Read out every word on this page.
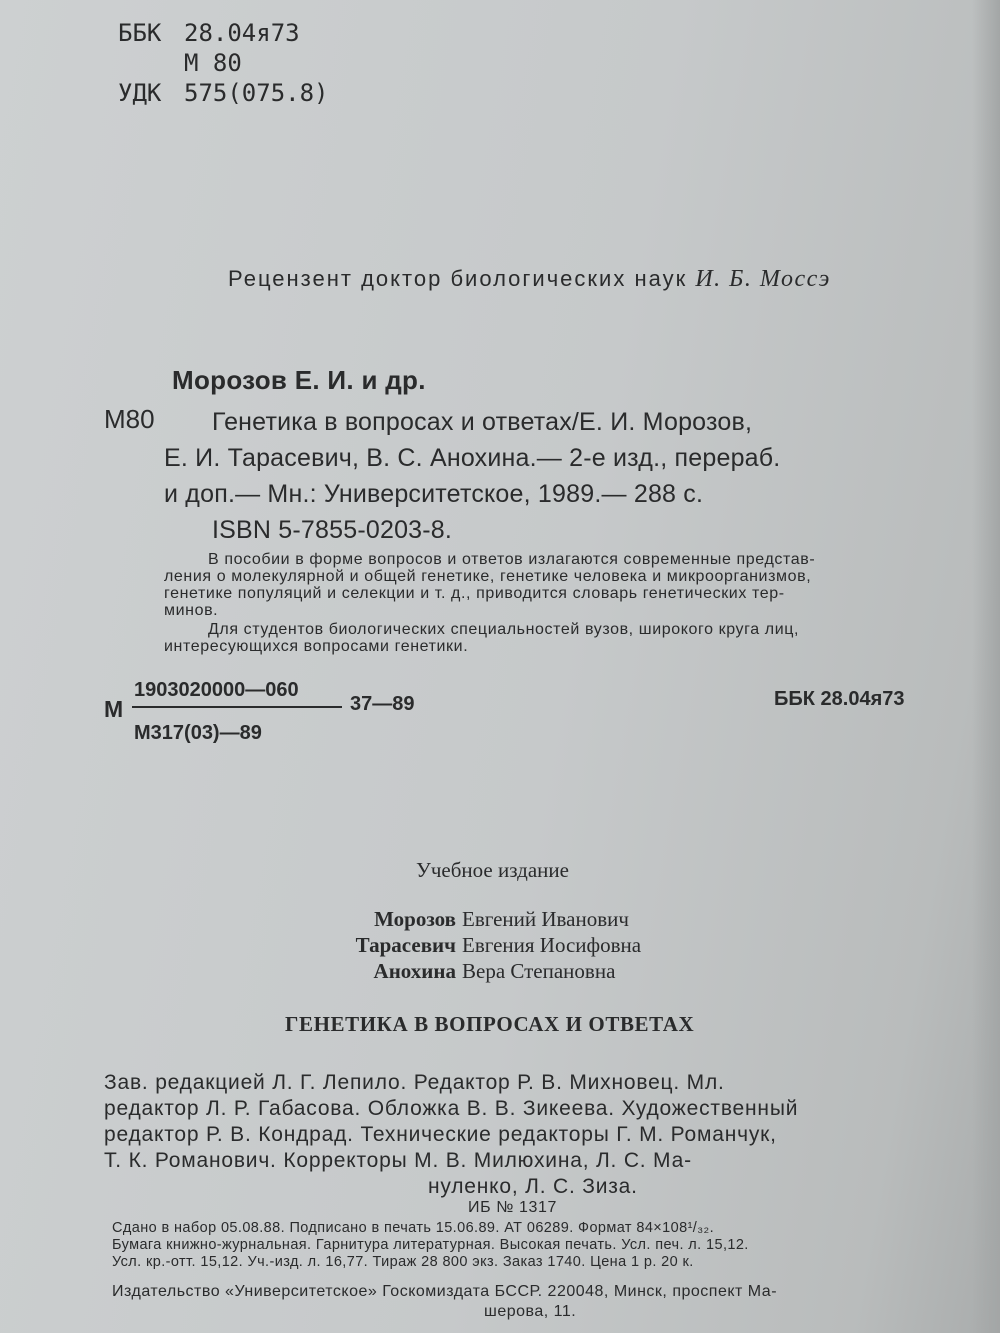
ББК 28.04я73
М 80
УДК 575(075.8)
Рецензент доктор биологических наук И. Б. Моссэ
Морозов Е. И. и др.
М80 Генетика в вопросах и ответах/Е. И. Морозов,
Е. И. Тарасевич, В. С. Анохина.— 2-е изд., перераб.
и доп.— Мн.: Университетское, 1989.— 288 с.
ISBN 5-7855-0203-8.
В пособии в форме вопросов и ответов излагаются современные представ-
ления о молекулярной и общей генетике, генетике человека и микроорганизмов,
генетике популяций и селекции и т. д., приводится словарь генетических тер-
минов.
Для студентов биологических специальностей вузов, широкого круга лиц,
интересующихся вопросами генетики.
М
1903020000—060
37—89
М317(03)—89
ББК 28.04я73
Учебное издание
Морозов
Тарасевич
Анохина
Евгений Иванович
Евгения Иосифовна
Вера Степановна
ГЕНЕТИКА В ВОПРОСАХ И ОТВЕТАХ
Зав. редакцией Л. Г. Лепило. Редактор Р. В. Михновец. Мл.
редактор Л. Р. Габасова. Обложка В. В. Зикеева. Художественный
редактор Р. В. Кондрад. Технические редакторы Г. М. Романчук,
Т. К. Романович. Корректоры М. В. Милюхина, Л. С. Ма-
нуленко, Л. С. Зиза.
ИБ № 1317
Сдано в набор 05.08.88. Подписано в печать 15.06.89. АТ 06289. Формат 84×108¹/₃₂.
Бумага книжно-журнальная. Гарнитура литературная. Высокая печать. Усл. печ. л. 15,12.
Усл. кр.-отт. 15,12. Уч.-изд. л. 16,77. Тираж 28 800 экз. Заказ 1740. Цена 1 р. 20 к.
Издательство «Университетское» Госкомиздата БССР. 220048, Минск, проспект Ма-
шерова, 11.
